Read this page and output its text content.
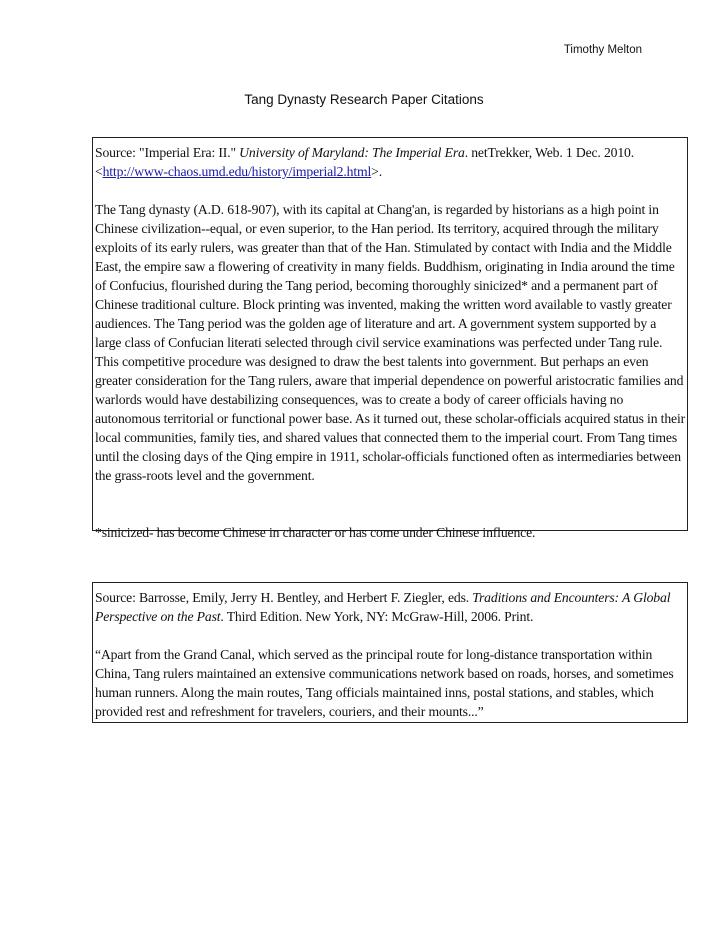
Timothy Melton
Tang Dynasty Research Paper Citations

Source: "Imperial Era: II." University of Maryland: The Imperial Era. netTrekker, Web. 1 Dec. 2010. <http://www-chaos.umd.edu/history/imperial2.html>.

The Tang dynasty (A.D. 618-907), with its capital at Chang'an, is regarded by historians as a high point in Chinese civilization--equal, or even superior, to the Han period. Its territory, acquired through the military exploits of its early rulers, was greater than that of the Han. Stimulated by contact with India and the Middle East, the empire saw a flowering of creativity in many fields. Buddhism, originating in India around the time of Confucius, flourished during the Tang period, becoming thoroughly sinicized* and a permanent part of Chinese traditional culture. Block printing was invented, making the written word available to vastly greater audiences. The Tang period was the golden age of literature and art. A government system supported by a large class of Confucian literati selected through civil service examinations was perfected under Tang rule. This competitive procedure was designed to draw the best talents into government. But perhaps an even greater consideration for the Tang rulers, aware that imperial dependence on powerful aristocratic families and warlords would have destabilizing consequences, was to create a body of career officials having no autonomous territorial or functional power base. As it turned out, these scholar-officials acquired status in their local communities, family ties, and shared values that connected them to the imperial court. From Tang times until the closing days of the Qing empire in 1911, scholar-officials functioned often as intermediaries between the grass-roots level and the government.

*sinicized- has become Chinese in character or has come under Chinese influence.

Source: Barrosse, Emily, Jerry H. Bentley, and Herbert F. Ziegler, eds. Traditions and Encounters: A Global Perspective on the Past. Third Edition. New York, NY: McGraw-Hill, 2006. Print.

“Apart from the Grand Canal, which served as the principal route for long-distance transportation within China, Tang rulers maintained an extensive communications network based on roads, horses, and sometimes human runners. Along the main routes, Tang officials maintained inns, postal stations, and stables, which provided rest and refreshment for travelers, couriers, and their mounts...”
